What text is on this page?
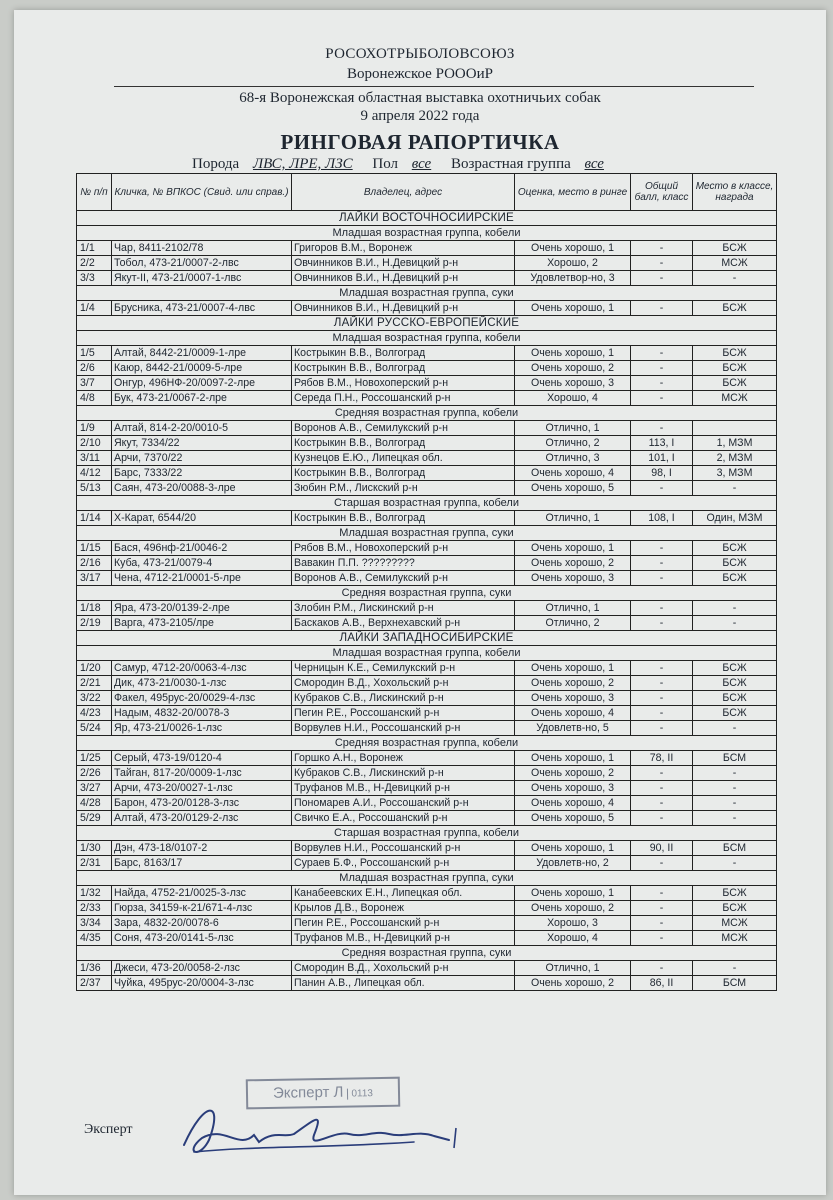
РОСОХОТРЫБОЛОВСОЮЗ
Воронежское РОООиР
68-я Воронежская областная выставка охотничьих собак
9 апреля 2022 года
РИНГОВАЯ РАПОРТИЧКА
Порода ЛВС, ЛРЕ, ЛЗС Пол все Возрастная группа все
№ п/п	Кличка, № ВПКОС (Свид. или справ.)	Владелец, адрес	Оценка, место в ринге	Общий балл, класс	Место в классе, награда
ЛАЙКИ ВОСТОЧНОСИИРСКИЕ					
Младшая возрастная группа, кобели					
1/1	Чар, 8411-2102/78	Григоров В.М., Воронеж	Очень хорошо, 1	-	БСЖ
2/2	Тобол, 473-21/0007-2-лвс	Овчинников В.И., Н.Девицкий р-н	Хорошо, 2	-	МСЖ
3/3	Якут-II, 473-21/0007-1-лвс	Овчинников В.И., Н.Девицкий р-н	Удовлетвор-но, 3	-	-
Младшая возрастная группа, суки					
1/4	Брусника, 473-21/0007-4-лвс	Овчинников В.И., Н.Девицкий р-н	Очень хорошо, 1	-	БСЖ
ЛАЙКИ РУССКО-ЕВРОПЕЙСКИЕ					
Младшая возрастная группа, кобели					
1/5	Алтай, 8442-21/0009-1-лре	Кострыкин В.В., Волгоград	Очень хорошо, 1	-	БСЖ
2/6	Каюр, 8442-21/0009-5-лре	Кострыкин В.В., Волгоград	Очень хорошо, 2	-	БСЖ
3/7	Онгур, 496НФ-20/0097-2-лре	Рябов В.М., Новохоперский р-н	Очень хорошо, 3	-	БСЖ
4/8	Бук, 473-21/0067-2-лре	Середа П.Н., Россошанский р-н	Хорошо, 4	-	МСЖ
Средняя возрастная группа, кобели					
1/9	Алтай, 814-2-20/0010-5	Воронов А.В., Семилукский р-н	Отлично, 1	-	
2/10	Якут, 7334/22	Кострыкин В.В., Волгоград	Отлично, 2	113, I	1, МЗМ
3/11	Арчи, 7370/22	Кузнецов Е.Ю., Липецкая обл.	Отлично, 3	101, I	2, МЗМ
4/12	Барс, 7333/22	Кострыкин В.В., Волгоград	Очень хорошо, 4	98, I	3, МЗМ
5/13	Саян, 473-20/0088-3-лре	Зюбин Р.М., Лискский р-н	Очень хорошо, 5	-	-
Старшая возрастная группа, кобели					
1/14	Х-Карат, 6544/20	Кострыкин В.В., Волгоград	Отлично, 1	108, I	Один, МЗМ
Младшая возрастная группа, суки					
1/15	Бася, 496нф-21/0046-2	Рябов В.М., Новохоперский р-н	Очень хорошо, 1	-	БСЖ
2/16	Куба, 473-21/0079-4	Вавакин П.П. ?????????	Очень хорошо, 2	-	БСЖ
3/17	Чена, 4712-21/0001-5-лре	Воронов А.В., Семилукский р-н	Очень хорошо, 3	-	БСЖ
Средняя возрастная группа, суки					
1/18	Яра, 473-20/0139-2-лре	Злобин Р.М., Лискинский р-н	Отлично, 1	-	-
2/19	Варга, 473-2105/лре	Баскаков А.В., Верхнехавский р-н	Отлично, 2	-	-
ЛАЙКИ ЗАПАДНОСИБИРСКИЕ					
Младшая возрастная группа, кобели					
1/20	Самур, 4712-20/0063-4-лзс	Черницын К.Е., Семилукский р-н	Очень хорошо, 1	-	БСЖ
2/21	Дик, 473-21/0030-1-лзс	Смородин В.Д., Хохольский р-н	Очень хорошо, 2	-	БСЖ
3/22	Факел, 495рус-20/0029-4-лзс	Кубраков С.В., Лискинский р-н	Очень хорошо, 3	-	БСЖ
4/23	Надым, 4832-20/0078-3	Пегин Р.Е., Россошанский р-н	Очень хорошо, 4	-	БСЖ
5/24	Яр, 473-21/0026-1-лзс	Ворвулев Н.И., Россошанский р-н	Удовлетв-но, 5	-	-
Средняя возрастная группа, кобели					
1/25	Серый, 473-19/0120-4	Горшко А.Н., Воронеж	Очень хорошо, 1	78, II	БСМ
2/26	Тайган, 817-20/0009-1-лзс	Кубраков С.В., Лискинский р-н	Очень хорошо, 2	-	-
3/27	Арчи, 473-20/0027-1-лзс	Труфанов М.В., Н-Девицкий р-н	Очень хорошо, 3	-	-
4/28	Барон, 473-20/0128-3-лзс	Пономарев А.И., Россошанский р-н	Очень хорошо, 4	-	-
5/29	Алтай, 473-20/0129-2-лзс	Свичко Е.А., Россошанский р-н	Очень хорошо, 5	-	-
Старшая возрастная группа, кобели					
1/30	Дэн, 473-18/0107-2	Ворвулев Н.И., Россошанский р-н	Очень хорошо, 1	90, II	БСМ
2/31	Барс, 8163/17	Сураев Б.Ф., Россошанский р-н	Удовлетв-но, 2	-	-
Младшая возрастная группа, суки					
1/32	Найда, 4752-21/0025-3-лзс	Канабеевских Е.Н., Липецкая обл.	Очень хорошо, 1	-	БСЖ
2/33	Гюрза, 34159-к-21/671-4-лзс	Крылов Д.В., Воронеж	Очень хорошо, 2	-	БСЖ
3/34	Зара, 4832-20/0078-6	Пегин Р.Е., Россошанский р-н	Хорошо, 3	-	МСЖ
4/35	Соня, 473-20/0141-5-лзс	Труфанов М.В., Н-Девицкий р-н	Хорошо, 4	-	МСЖ
Средняя возрастная группа, суки					
1/36	Джеси, 473-20/0058-2-лзс	Смородин В.Д., Хохольский р-н	Отлично, 1	-	-
2/37	Чуйка, 495рус-20/0004-3-лзс	Панин А.В., Липецкая обл.	Очень хорошо, 2	86, II	БСМ
Эксперт Л 0113
Эксперт
